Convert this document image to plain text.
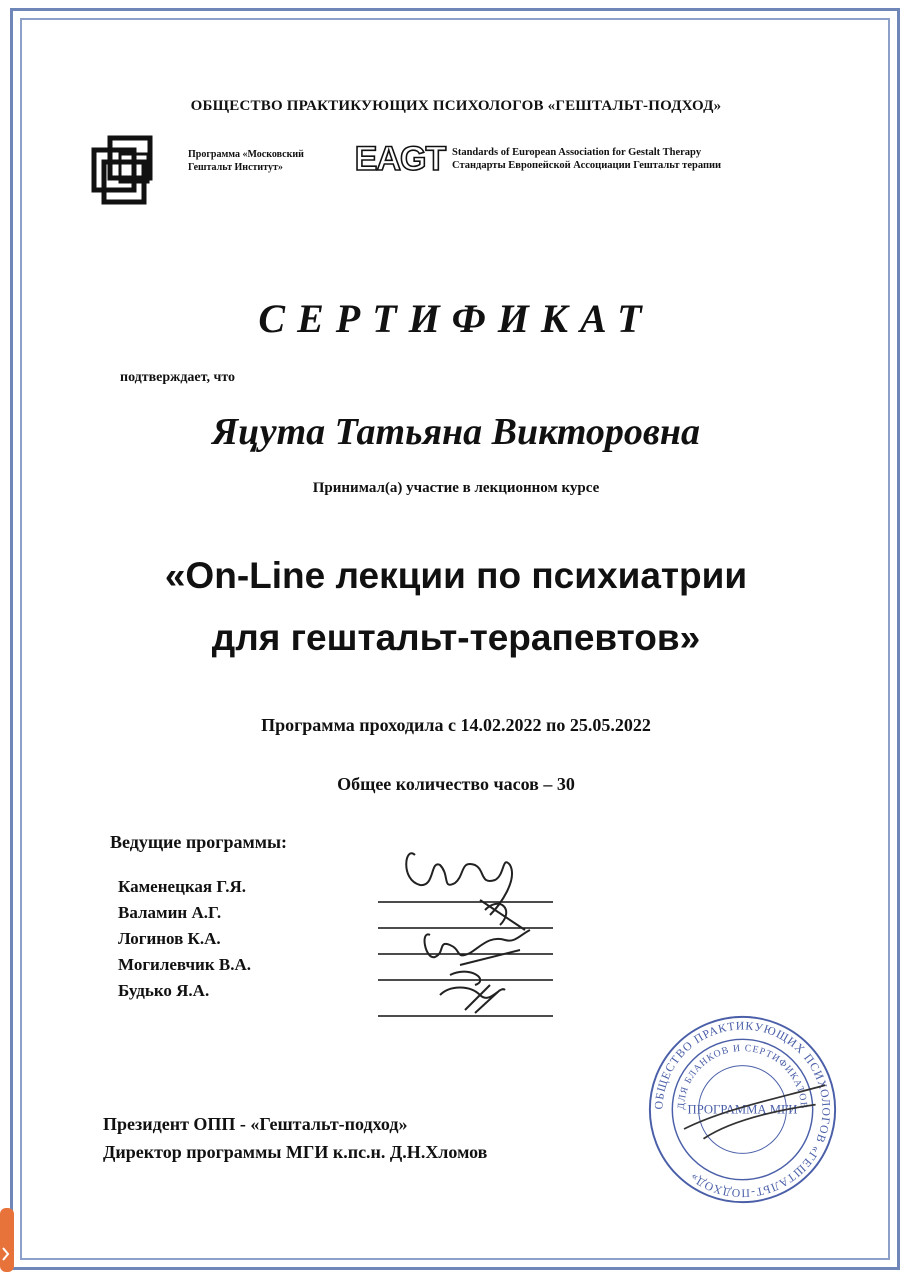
ОБЩЕСТВО ПРАКТИКУЮЩИХ ПСИХОЛОГОВ «ГЕШТАЛЬТ-ПОДХОД»
Программа «Московский
Гештальт Институт»	EAGT Standards of European Association for Gestalt Therapy
Стандарты Европейской Ассоциации Гештальт терапии
СЕРТИФИКАТ
подтверждает, что
Яцута Татьяна Викторовна
Принимал(а) участие в лекционном курсе
«On-Line лекции по психиатрии
для гештальт-терапевтов»
Программа проходила с 14.02.2022 по 25.05.2022
Общее количество часов – 30
Ведущие программы:
Каменецкая Г.Я.
Валамин А.Г.
Логинов К.А.
Могилевчик В.А.
Будько Я.А.
Президент ОПП - «Гештальт-подход»
Директор программы МГИ к.пс.н. Д.Н.Хломов
ОБЩЕСТВО ПРАКТИКУЮЩИХ ПСИХОЛОГОВ «ГЕШТАЛЬТ-ПОДХОД»
ДЛЯ БЛАНКОВ И СЕРТИФИКАТОВ
ПРОГРАММА МГИ
